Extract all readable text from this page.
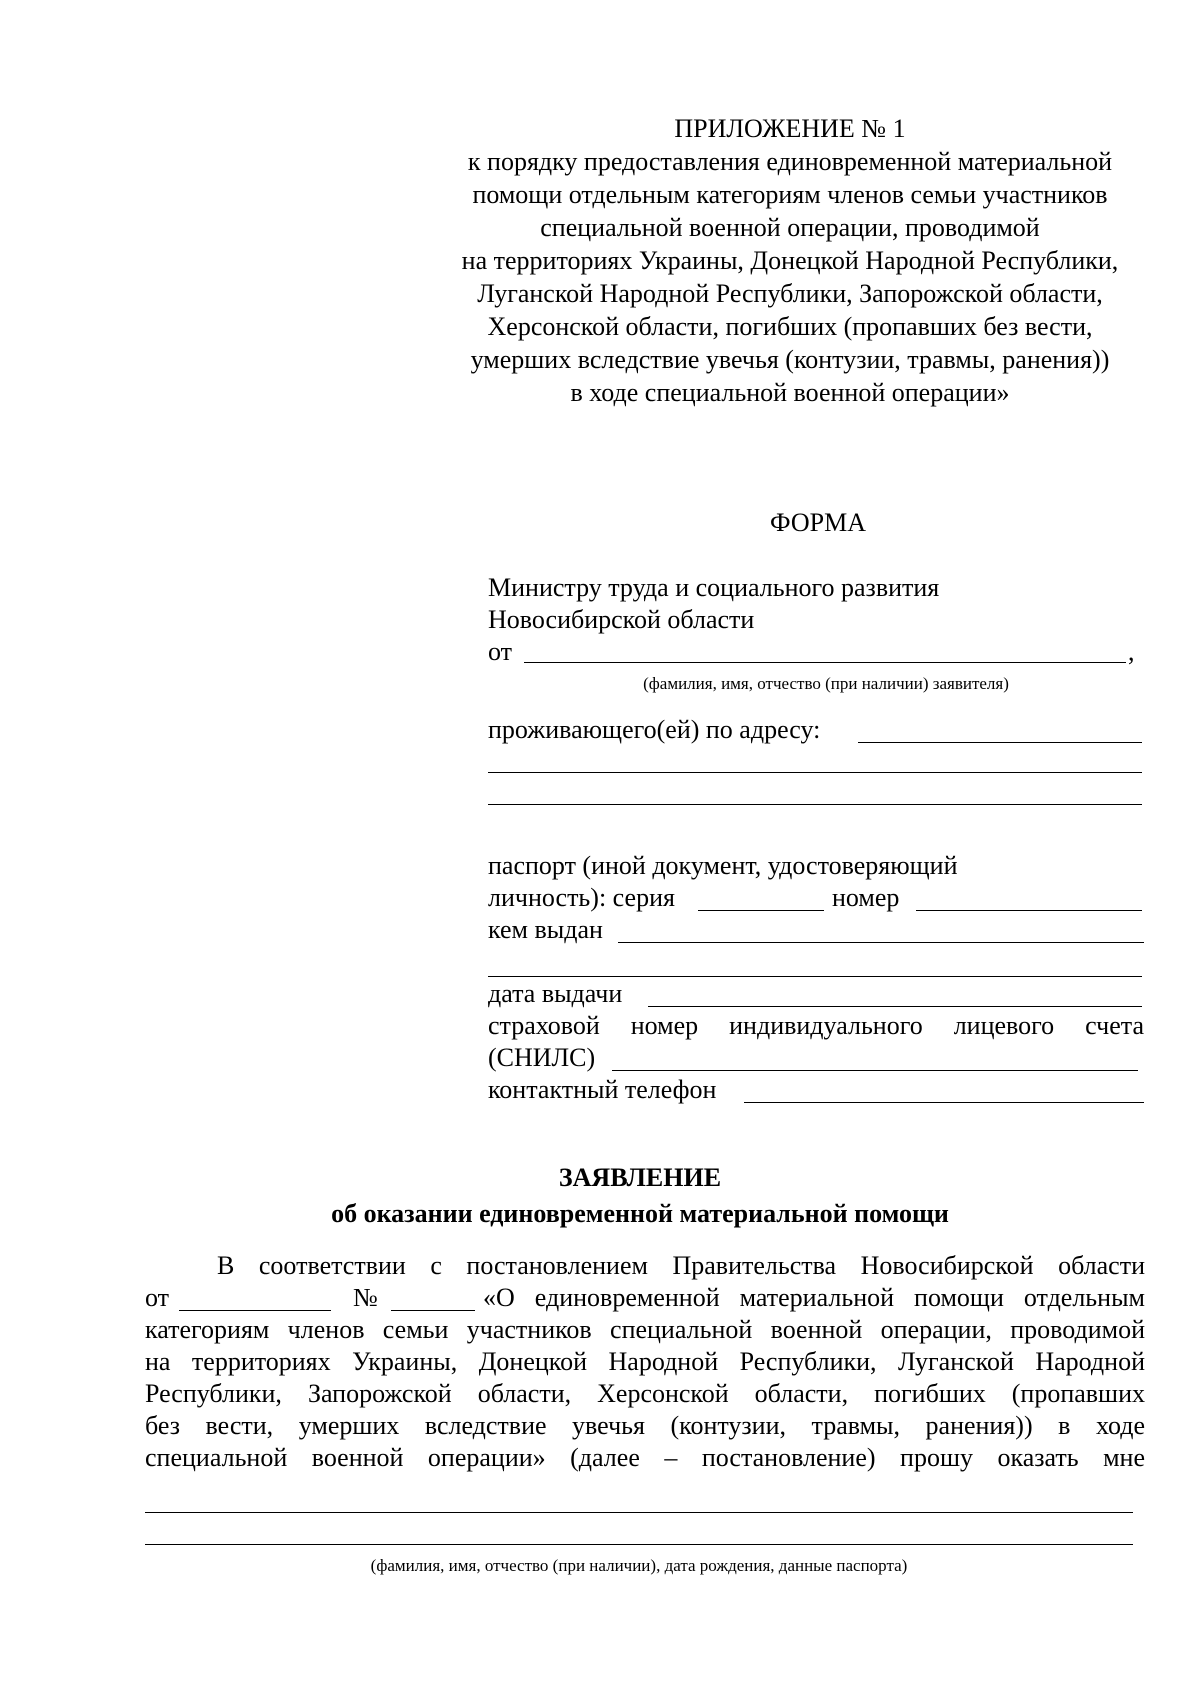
ПРИЛОЖЕНИЕ № 1
к порядку предоставления единовременной материальной
помощи отдельным категориям членов семьи участников
специальной военной операции, проводимой
на территориях Украины, Донецкой Народной Республики,
Луганской Народной Республики, Запорожской области,
Херсонской области, погибших (пропавших без вести,
умерших вследствие увечья (контузии, травмы, ранения))
в ходе специальной военной операции»
ФОРМА
Министру труда и социального развития
Новосибирской области
от	,
(фамилия, имя, отчество (при наличии) заявителя)
проживающего(ей) по адресу:
паспорт (иной документ, удостоверяющий
личность): серия	номер
кем выдан
дата выдачи
страховой номер индивидуального лицевого счета
(СНИЛС)
контактный телефон
ЗАЯВЛЕНИЕ
об оказании единовременной материальной помощи
В соответствии с постановлением Правительства Новосибирской области
от	№	«О единовременной материальной помощи отдельным
категориям членов семьи участников специальной военной операции, проводимой
на территориях Украины, Донецкой Народной Республики, Луганской Народной
Республики, Запорожской области, Херсонской области, погибших (пропавших
без вести, умерших вследствие увечья (контузии, травмы, ранения)) в ходе
специальной военной операции» (далее – постановление) прошу оказать мне
(фамилия, имя, отчество (при наличии), дата рождения, данные паспорта)
